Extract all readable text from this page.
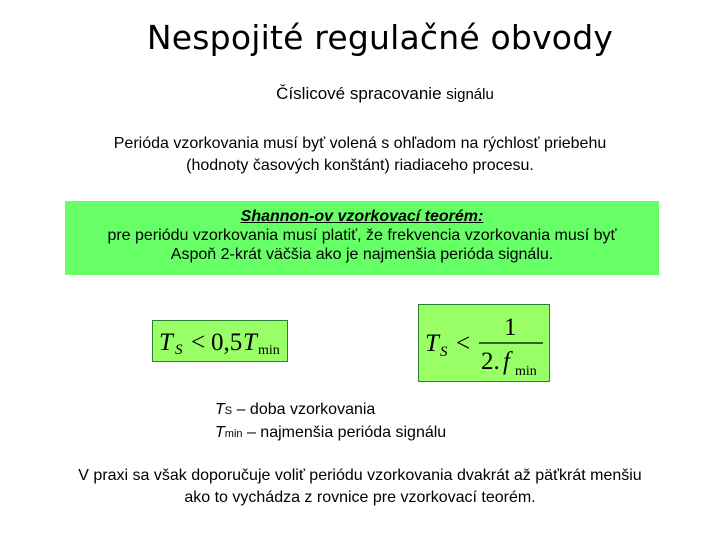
Nespojité regulačné obvody
Číslicové spracovanie signálu
Perióda vzorkovania musí byť volená s ohľadom na rýchlosť priebehu
(hodnoty časových konštánt) riadiaceho procesu.
Shannon-ov vzorkovací teorém:
pre periódu vzorkovania musí platiť, že frekvencia vzorkovania musí byť
Aspoň 2-krát väčšia ako je najmenšia perióda signálu.
T S < 0,5 T min	T S <
1
2. f min
TS – doba vzorkovania
Tmin – najmenšia perióda signálu
V praxi sa však doporučuje voliť periódu vzorkovania dvakrát až päťkrát menšiu
ako to vychádza z rovnice pre vzorkovací teorém.
